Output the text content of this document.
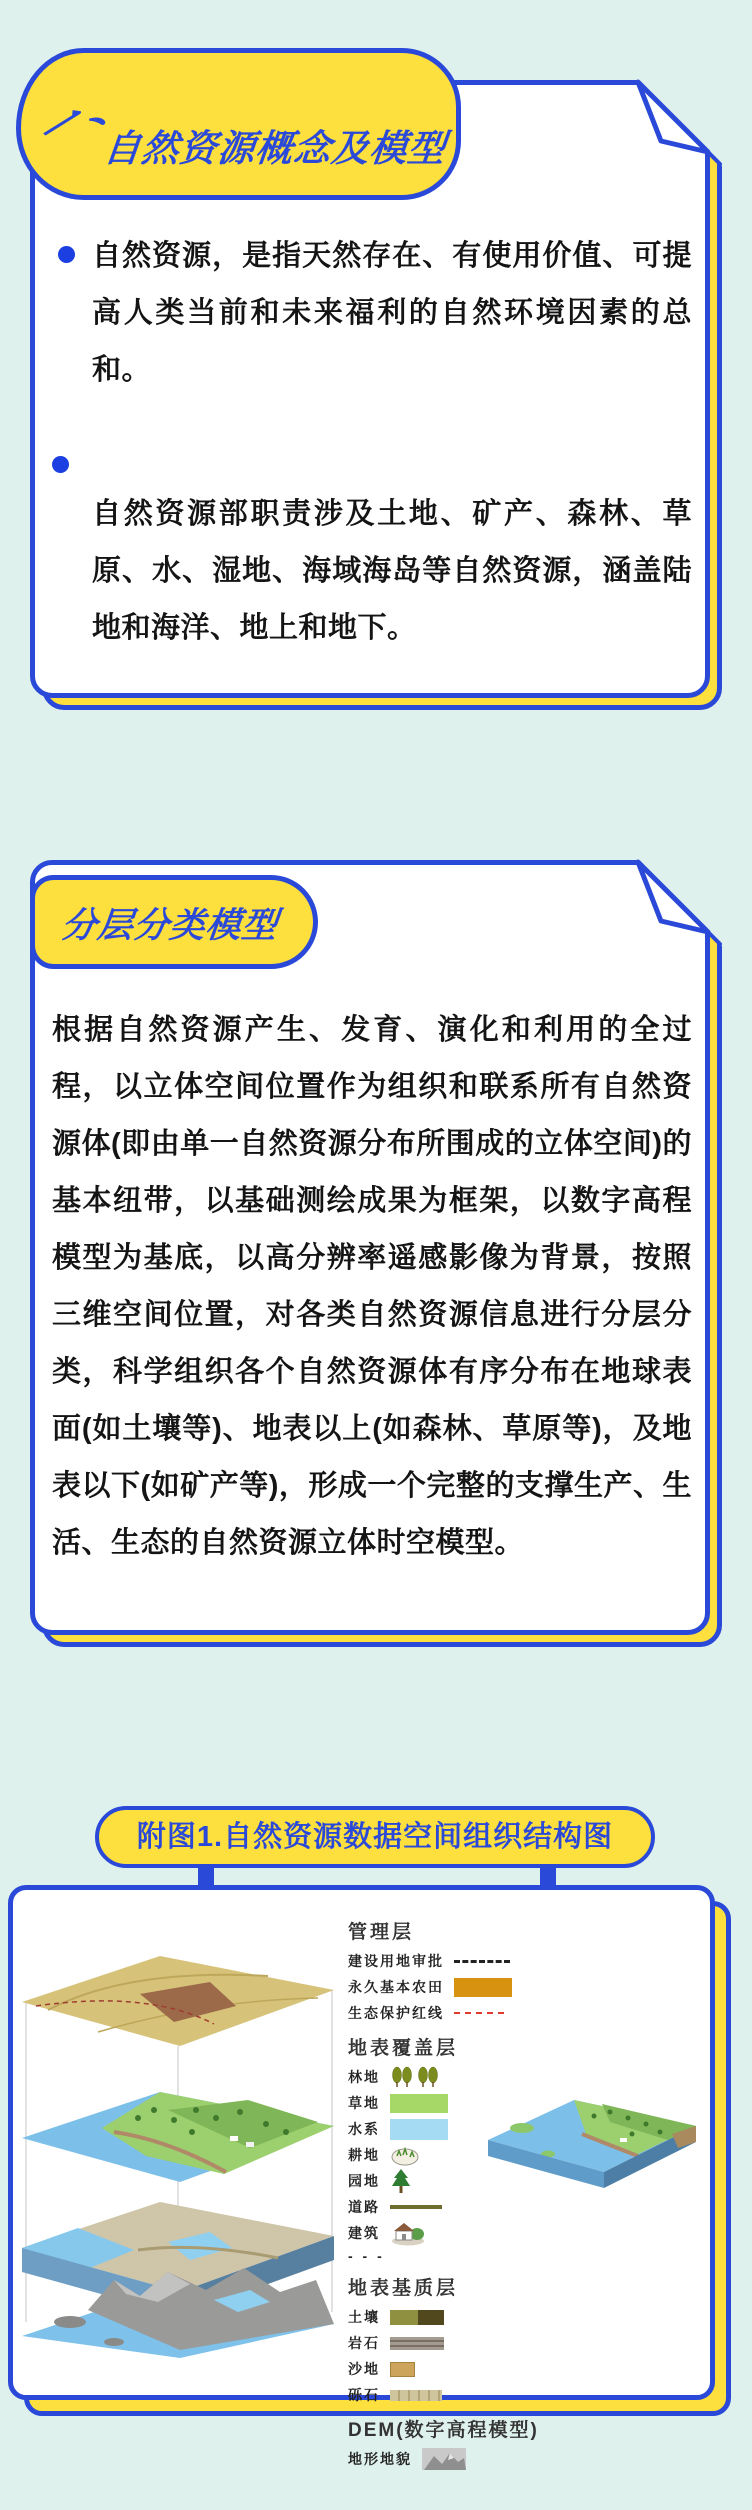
一、
自然资源概念及模型
自然资源，是指天然存在、有使用价值、可提高人类当前和未来福利的自然环境因素的总和。
自然资源部职责涉及土地、矿产、森林、草原、水、湿地、海域海岛等自然资源，涵盖陆地和海洋、地上和地下。
分层分类模型
根据自然资源产生、发育、演化和利用的全过程，以立体空间位置作为组织和联系所有自然资源体(即由单一自然资源分布所围成的立体空间)的基本纽带，以基础测绘成果为框架，以数字高程模型为基底，以高分辨率遥感影像为背景，按照三维空间位置，对各类自然资源信息进行分层分类，科学组织各个自然资源体有序分布在地球表面(如土壤等)、地表以上(如森林、草原等)，及地表以下(如矿产等)，形成一个完整的支撑生产、生活、生态的自然资源立体时空模型。
附图1.自然资源数据空间组织结构图
管理层
建设用地审批
永久基本农田
生态保护红线
地表覆盖层
林地
草地
水系
耕地
园地
道路
建筑
- - -
地表基质层
土壤
岩石
沙地
砾石
DEM(数字高程模型)
地形地貌
